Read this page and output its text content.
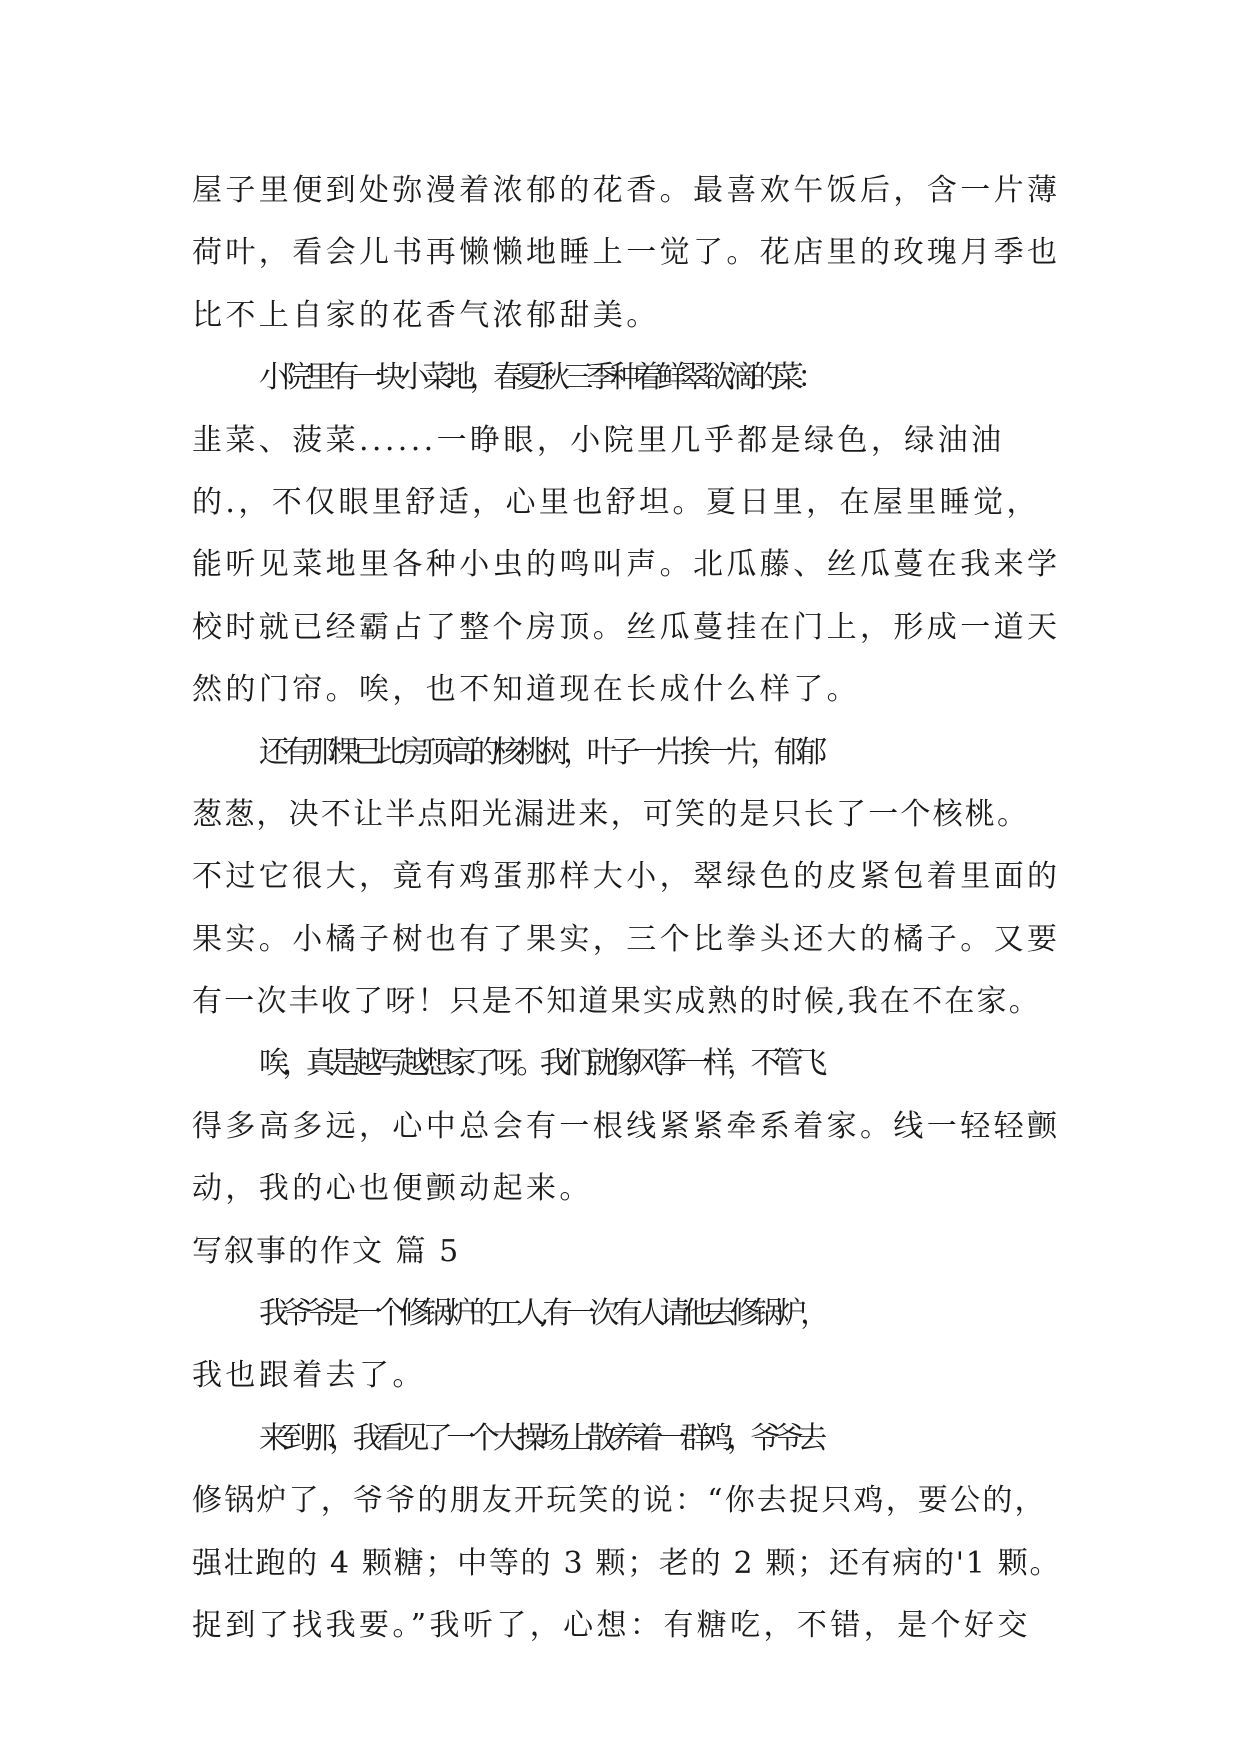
屋子里便到处弥漫着浓郁的花香。最喜欢午饭后，含一片薄
荷叶，看会儿书再懒懒地睡上一觉了。花店里的玫瑰月季也
比不上自家的花香气浓郁甜美。
小院里有一块小菜地，春夏秋三季种着鲜翠欲滴的菜：
韭菜、菠菜......一睁眼，小院里几乎都是绿色，绿油油
的.，不仅眼里舒适，心里也舒坦。夏日里，在屋里睡觉，
能听见菜地里各种小虫的鸣叫声。北瓜藤、丝瓜蔓在我来学
校时就已经霸占了整个房顶。丝瓜蔓挂在门上，形成一道天
然的门帘。唉，也不知道现在长成什么样了。
还有那棵已比房顶高的核桃树，叶子一片挨一片，郁郁
葱葱，决不让半点阳光漏进来，可笑的是只长了一个核桃。
不过它很大，竟有鸡蛋那样大小，翠绿色的皮紧包着里面的
果实。小橘子树也有了果实，三个比拳头还大的橘子。又要
有一次丰收了呀！只是不知道果实成熟的时候,我在不在家。
唉，真是越写越想家了呀。我们就像风筝一样，不管飞
得多高多远，心中总会有一根线紧紧牵系着家。线一轻轻颤
动，我的心也便颤动起来。
写叙事的作文 篇 5
我爷爷是一个修锅炉的工人,有一次有人请他去修锅炉，
我也跟着去了。
来到那，我看见了一个大操场上散养着一群鸡，爷爷去
修锅炉了，爷爷的朋友开玩笑的说：“你去捉只鸡，要公的，
强壮跑的 4 颗糖；中等的 3 颗；老的 2 颗；还有病的'1 颗。
捉到了找我要。”我听了，心想：有糖吃，不错，是个好交
